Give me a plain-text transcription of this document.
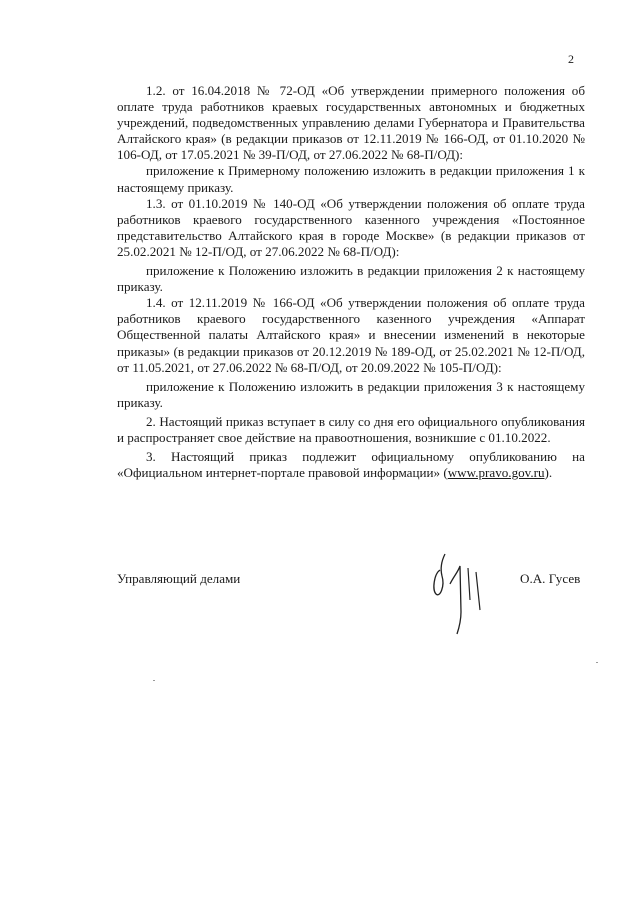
2

1.2. от 16.04.2018 № 72-ОД «Об утверждении примерного положения об оплате труда работников краевых государственных автономных и бюджетных учреждений, подведомственных управлению делами Губернатора и Правительства Алтайского края» (в редакции приказов от 12.11.2019 № 166-ОД, от 01.10.2020 № 106-ОД, от 17.05.2021 № 39-П/ОД, от 27.06.2022 № 68-П/ОД):

приложение к Примерному положению изложить в редакции приложения 1 к настоящему приказу.

1.3. от 01.10.2019 № 140-ОД «Об утверждении положения об оплате труда работников краевого государственного казенного учреждения «Постоянное представительство Алтайского края в городе Москве» (в редакции приказов от 25.02.2021 № 12-П/ОД, от 27.06.2022 № 68-П/ОД):

приложение к Положению изложить в редакции приложения 2 к настоящему приказу.

1.4. от 12.11.2019 № 166-ОД «Об утверждении положения об оплате труда работников краевого государственного казенного учреждения «Аппарат Общественной палаты Алтайского края» и внесении изменений в некоторые приказы» (в редакции приказов от 20.12.2019 № 189-ОД, от 25.02.2021 № 12-П/ОД, от 11.05.2021, от 27.06.2022 № 68-П/ОД, от 20.09.2022 № 105-П/ОД):

приложение к Положению изложить в редакции приложения 3 к настоящему приказу.

2. Настоящий приказ вступает в силу со дня его официального опубликования и распространяет свое действие на правоотношения, возникшие с 01.10.2022.

3. Настоящий приказ подлежит официальному опубликованию на «Официальном интернет-портале правовой информации» (www.pravo.gov.ru).

Управляющий делами	О.А. Гусев
